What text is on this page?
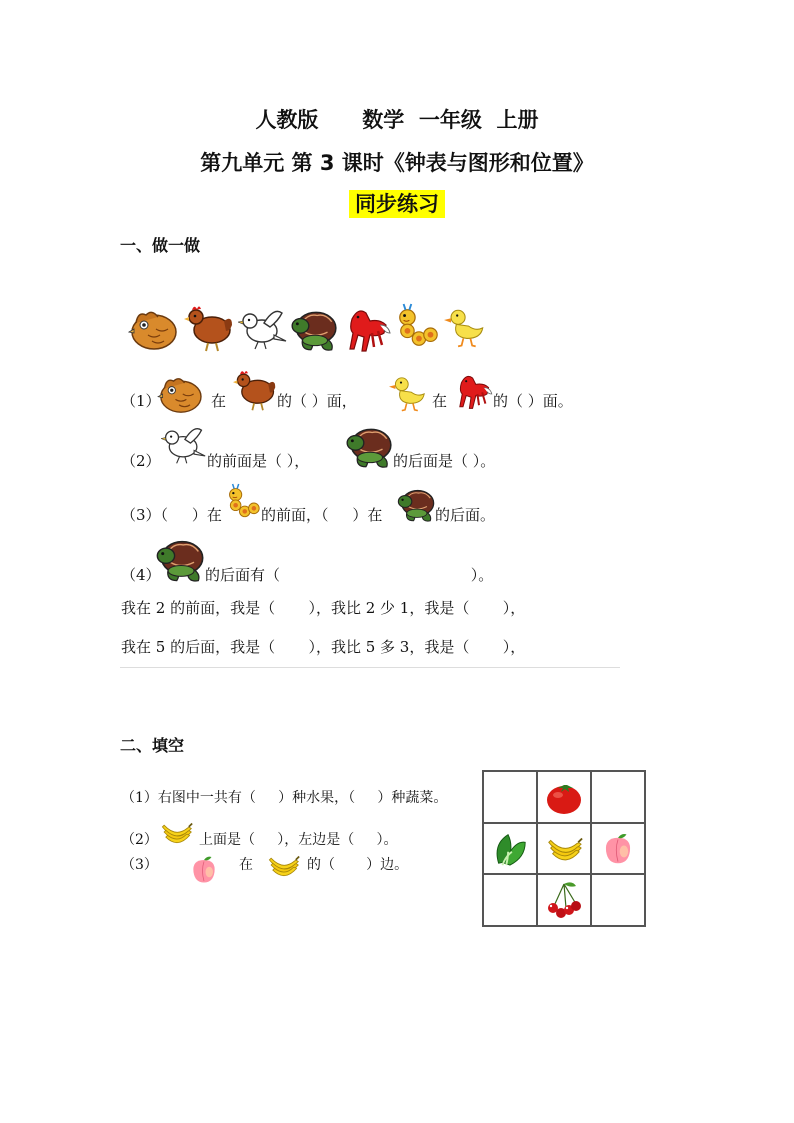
人教版      数学  一年级  上册
第九单元 第 3 课时《钟表与图形和位置》
同步练习
一、做一做
（1）	在	的（ ）面，	在	的（ ）面。
（2）	的前面是（ ），	的后面是（ ）。
（3）（     ）在	的前面，（     ）在	的后面。
（4）	的后面有（                                        ）。
我在 2 的前面，我是（       ），我比 2 少 1，我是（       ），
我在 5 的后面，我是（       ），我比 5 多 3，我是（       ），
二、填空
（1）右图中一共有（     ）种水果，（     ）种蔬菜。
（2）	上面是（     ），左边是（     ）。
（3）	在	的（       ）边。
